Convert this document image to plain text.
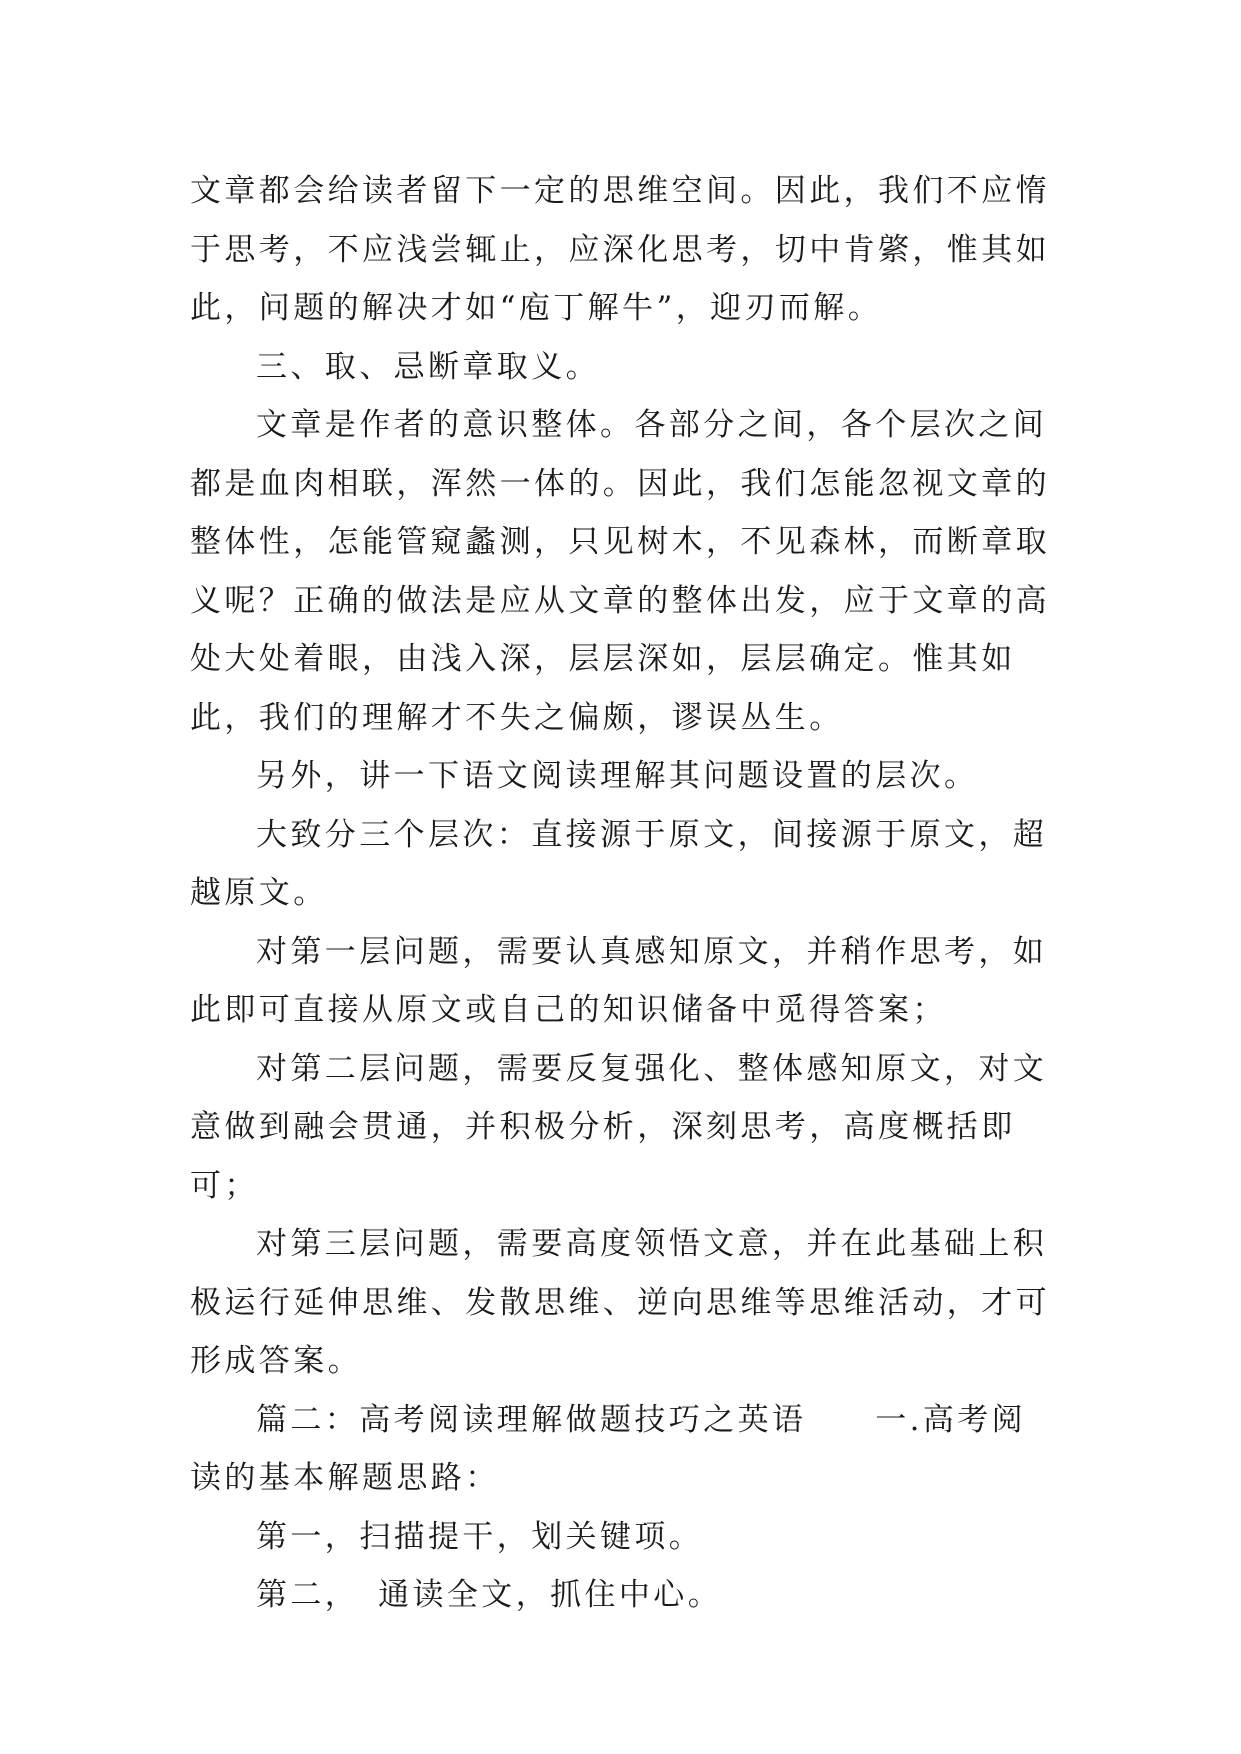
文章都会给读者留下一定的思维空间。因此，我们不应惰于思考，不应浅尝辄止，应深化思考，切中肯綮，惟其如此，问题的解决才如“庖丁解牛”，迎刃而解。

三、取、忌断章取义。

文章是作者的意识整体。各部分之间，各个层次之间都是血肉相联，浑然一体的。因此，我们怎能忽视文章的整体性，怎能管窥蠡测，只见树木，不见森林，而断章取义呢？正确的做法是应从文章的整体出发，应于文章的高处大处着眼，由浅入深，层层深如，层层确定。惟其如此，我们的理解才不失之偏颇，谬误丛生。

另外，讲一下语文阅读理解其问题设置的层次。

大致分三个层次：直接源于原文，间接源于原文，超越原文。

对第一层问题，需要认真感知原文，并稍作思考，如此即可直接从原文或自己的知识储备中觅得答案；

对第二层问题，需要反复强化、整体感知原文，对文意做到融会贯通，并积极分析，深刻思考，高度概括即可；

对第三层问题，需要高度领悟文意，并在此基础上积极运行延伸思维、发散思维、逆向思维等思维活动，才可形成答案。

篇二：高考阅读理解做题技巧之英语　　一.高考阅读的基本解题思路：

第一，扫描提干，划关键项。

第二，　通读全文，抓住中心。
